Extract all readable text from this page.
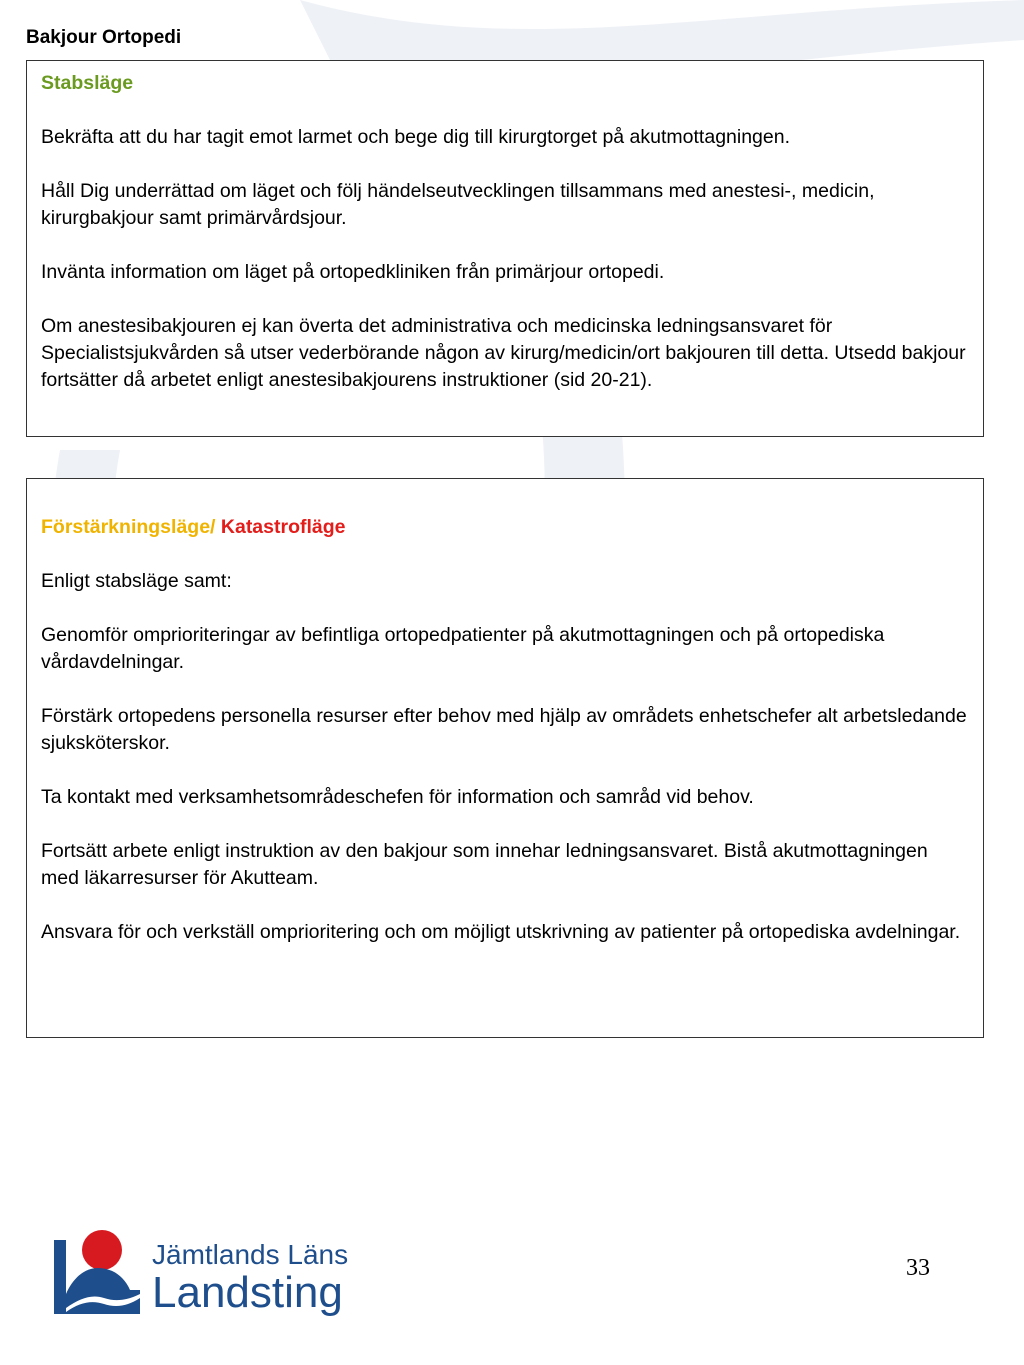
Bakjour Ortopedi
Stabsläge

Bekräfta att du har tagit emot larmet och bege dig till kirurgtorget på akutmottagningen.

Håll Dig underrättad om läget och följ händelseutvecklingen tillsammans med anestesi-, medicin, kirurgbakjour samt primärvårdsjour.

Invänta information om läget på ortopedkliniken från primärjour ortopedi.

Om anestesibakjouren ej kan överta det administrativa och medicinska ledningsansvaret för Specialistsjukvården så utser vederbörande någon av kirurg/medicin/ort bakjouren till detta. Utsedd bakjour fortsätter då arbetet enligt anestesibakjourens instruktioner (sid 20-21).

Förstärkningsläge/ Katastrofläge

Enligt stabsläge samt:

Genomför omprioriteringar av befintliga ortopedpatienter på akutmottagningen och på ortopediska vårdavdelningar.

Förstärk ortopedens personella resurser efter behov med hjälp av områdets enhetschefer alt arbetsledande sjuksköterskor.

Ta kontakt med verksamhetsområdeschefen för information och samråd vid behov.

Fortsätt arbete enligt instruktion av den bakjour som innehar ledningsansvaret. Bistå akutmottagningen med läkarresurser för Akutteam.

Ansvara för och verkställ omprioritering och om möjligt utskrivning av patienter på ortopediska avdelningar.

Jämtlands Läns
Landsting	33
